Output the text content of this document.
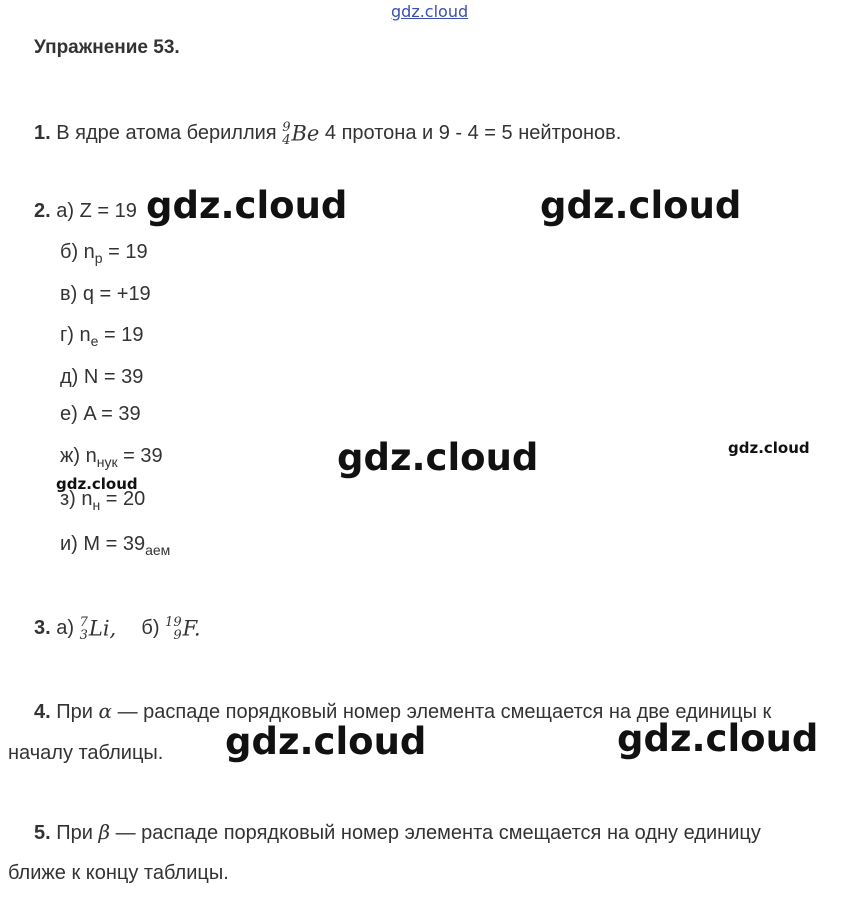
gdz.cloud
Упражнение 53.
1. В ядре атома бериллия 9
4 Be 4 протона и 9 - 4 = 5 нейтронов.
2. а) Z = 19
б) $n_p = 19$
в) q = +19
г) $n_e = 19$
д) N = 39
е) A = 39
ж) $n_{нук} = 39$
з) $n_н = 20$
и) $M = 39_{аем}$
3. а) 7
3 Li, б) 19
9 F.
4. При α — распаде порядковый номер элемента смещается на две единицы к
началу таблицы.
5. При β — распаде порядковый номер элемента смещается на одну единицу
ближе к концу таблицы.
gdz.cloud	gdz.cloud
gdz.cloud	gdz.cloud
gdz.cloud
gdz.cloud	gdz.cloud
